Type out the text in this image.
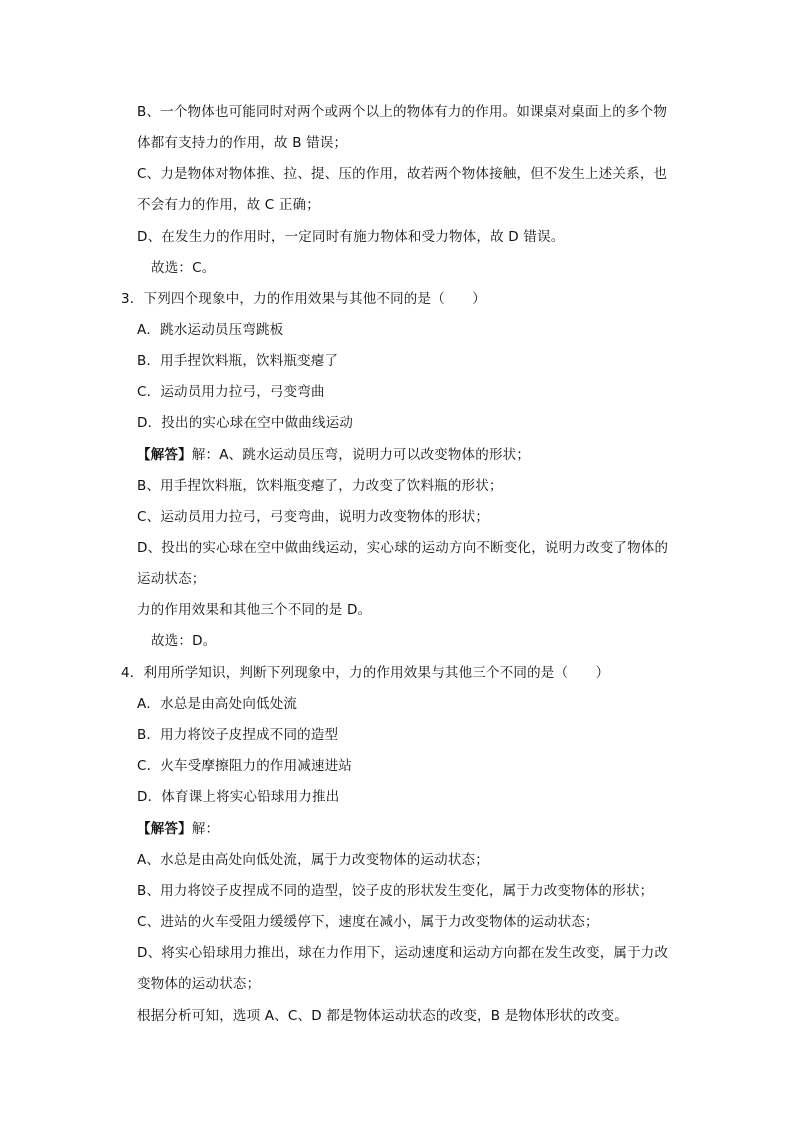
B、一个物体也可能同时对两个或两个以上的物体有力的作用。如课桌对桌面上的多个物
体都有支持力的作用，故 B 错误；
C、力是物体对物体推、拉、提、压的作用，故若两个物体接触，但不发生上述关系，也
不会有力的作用，故 C 正确；
D、在发生力的作用时，一定同时有施力物体和受力物体，故 D 错误。
故选：C。
3．下列四个现象中，力的作用效果与其他不同的是（　　）
A．跳水运动员压弯跳板
B．用手捏饮料瓶，饮料瓶变瘪了
C．运动员用力拉弓，弓变弯曲
D．投出的实心球在空中做曲线运动
【解答】解：A、跳水运动员压弯，说明力可以改变物体的形状；
B、用手捏饮料瓶，饮料瓶变瘪了，力改变了饮料瓶的形状；
C、运动员用力拉弓，弓变弯曲，说明力改变物体的形状；
D、投出的实心球在空中做曲线运动，实心球的运动方向不断变化，说明力改变了物体的
运动状态；
力的作用效果和其他三个不同的是 D。
故选：D。
4．利用所学知识，判断下列现象中，力的作用效果与其他三个不同的是（　　）
A．水总是由高处向低处流
B．用力将饺子皮捏成不同的造型
C．火车受摩擦阻力的作用减速进站
D．体育课上将实心铅球用力推出
【解答】解：
A、水总是由高处向低处流，属于力改变物体的运动状态；
B、用力将饺子皮捏成不同的造型，饺子皮的形状发生变化，属于力改变物体的形状；
C、进站的火车受阻力缓缓停下，速度在减小，属于力改变物体的运动状态；
D、将实心铅球用力推出，球在力作用下，运动速度和运动方向都在发生改变，属于力改
变物体的运动状态；
根据分析可知，选项 A、C、D 都是物体运动状态的改变，B 是物体形状的改变。
